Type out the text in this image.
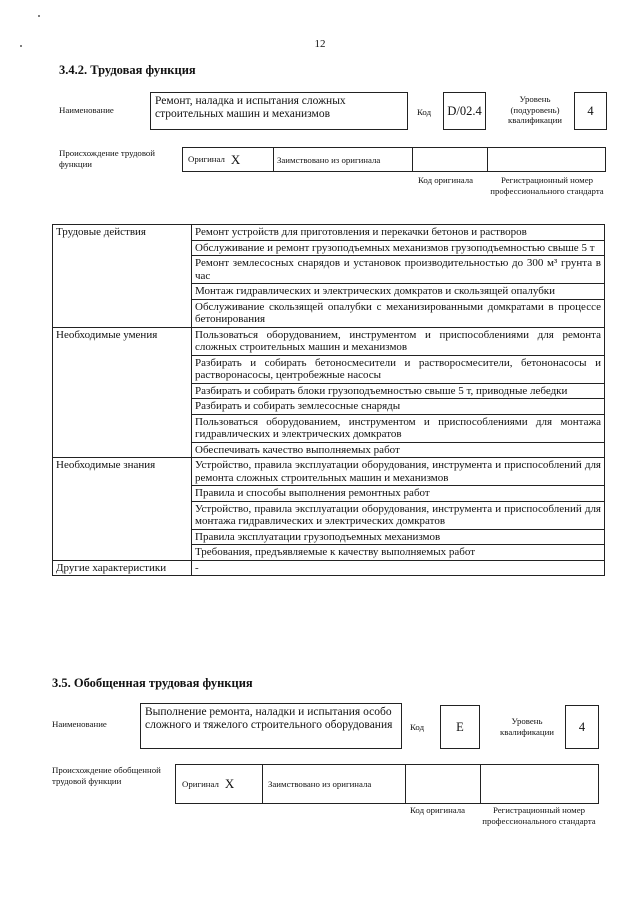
12
3.4.2. Трудовая функция
Наименование
Ремонт, наладка и испытания сложных строительных машин и механизмов	Код	D/02.4
Уровень (подуровень) квалификации
4
Происхождение трудовой функции	Оригинал X	Заимствовано из оригинала
Код оригинала	Регистрационный номер профессионального стандарта
Трудовые действия	Ремонт устройств для приготовления и перекачки бетонов и растворов
	Обслуживание и ремонт грузоподъемных механизмов грузоподъемностью свыше 5 т
	Ремонт землесосных снарядов и установок производительностью до 300 м³ грунта в час
	Монтаж гидравлических и электрических домкратов и скользящей опалубки
	Обслуживание скользящей опалубки с механизированными домкратами в процессе бетонирования
Необходимые умения	Пользоваться оборудованием, инструментом и приспособлениями для ремонта сложных строительных машин и механизмов
	Разбирать и собирать бетоносмесители и растворосмесители, бетононасосы и растворонасосы, центробежные насосы
	Разбирать и собирать блоки грузоподъемностью свыше 5 т, приводные лебедки
	Разбирать и собирать землесосные снаряды
	Пользоваться оборудованием, инструментом и приспособлениями для монтажа гидравлических и электрических домкратов
	Обеспечивать качество выполняемых работ
Необходимые знания	Устройство, правила эксплуатации оборудования, инструмента и приспособлений для ремонта сложных строительных машин и механизмов
	Правила и способы выполнения ремонтных работ
	Устройство, правила эксплуатации оборудования, инструмента и приспособлений для монтажа гидравлических и электрических домкратов
	Правила эксплуатации грузоподъемных механизмов
	Требования, предъявляемые к качеству выполняемых работ
Другие характеристики	-
3.5. Обобщенная трудовая функция
Наименование
Выполнение ремонта, наладки и испытания особо сложного и тяжелого строительного оборудования	Код	E	Уровень квалификации	4
Происхождение обобщенной трудовой функции	Оригинал X	Заимствовано из оригинала
Код оригинала	Регистрационный номер профессионального стандарта
